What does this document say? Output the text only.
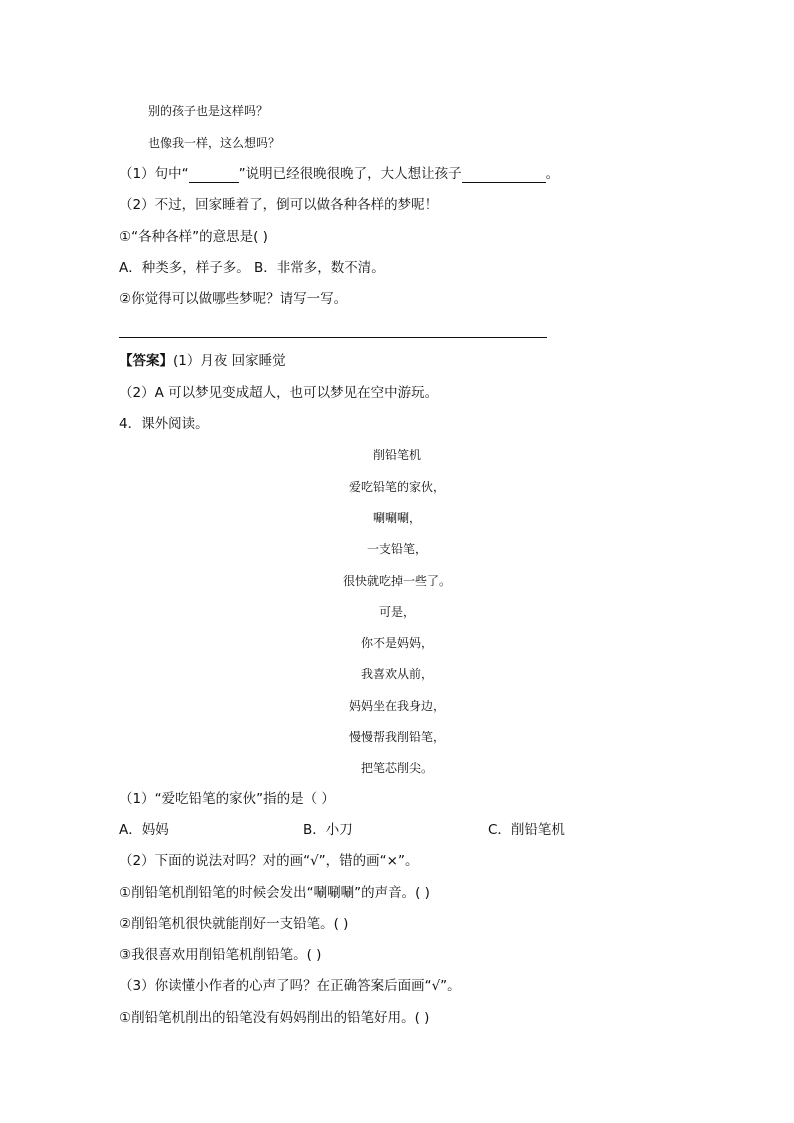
别的孩子也是这样吗？
也像我一样，这么想吗？
（1）句中“	”说明已经很晚很晚了，大人想让孩子	。
（2）不过，回家睡着了，倒可以做各种各样的梦呢！
①“各种各样”的意思是( )
A．种类多，样子多。 B．非常多，数不清。
②你觉得可以做哪些梦呢？请写一写。
【答案】(1）月夜 回家睡觉
（2）A 可以梦见变成超人，也可以梦见在空中游玩。
4．课外阅读。
削铅笔机
爱吃铅笔的家伙，
唰唰唰，
一支铅笔，
很快就吃掉一些了。
可是，
你不是妈妈，
我喜欢从前，
妈妈坐在我身边，
慢慢帮我削铅笔，
把笔芯削尖。
（1）“爱吃铅笔的家伙”指的是（ ）
A．妈妈	B．小刀	C．削铅笔机
（2）下面的说法对吗？对的画“√”，错的画“×”。
①削铅笔机削铅笔的时候会发出“唰唰唰”的声音。( )
②削铅笔机很快就能削好一支铅笔。( )
③我很喜欢用削铅笔机削铅笔。( )
（3）你读懂小作者的心声了吗？在正确答案后面画“√”。
①削铅笔机削出的铅笔没有妈妈削出的铅笔好用。( )
